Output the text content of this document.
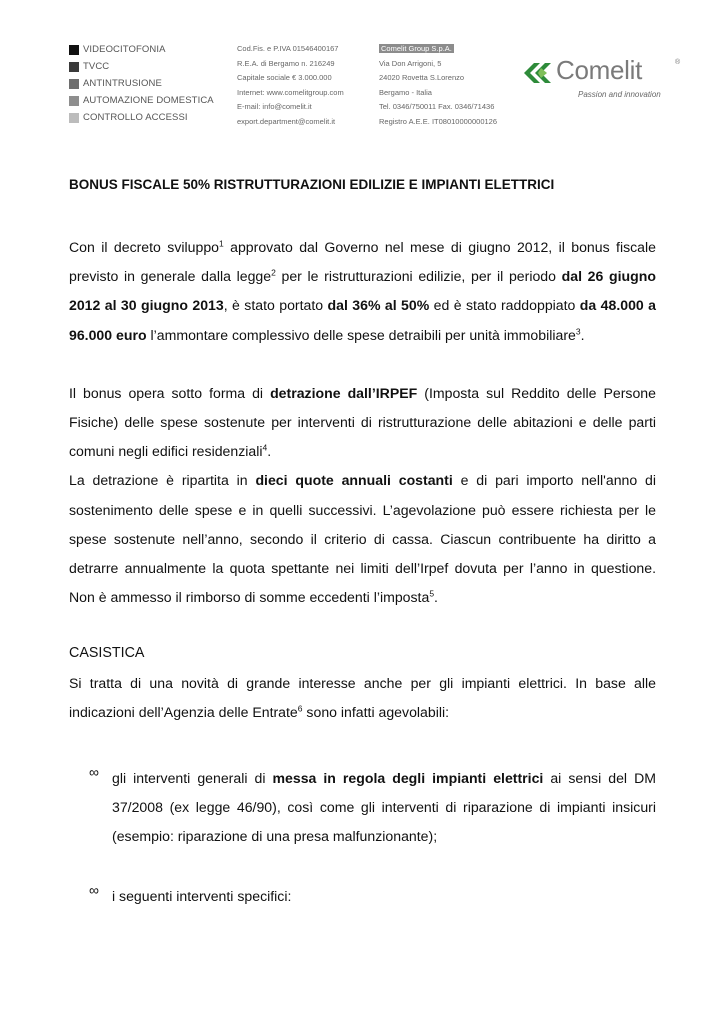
VIDEOCITOFONIA
TVCC
ANTINTRUSIONE
AUTOMAZIONE DOMESTICA
CONTROLLO ACCESSI
Cod.Fis. e P.IVA 01546400167
R.E.A. di Bergamo n. 216249
Capitale sociale € 3.000.000
Internet: www.comelitgroup.com
E-mail: info@comelit.it
export.department@comelit.it
Comelit Group S.p.A.
Via Don Arrigoni, 5
24020 Rovetta S.Lorenzo
Bergamo - Italia
Tel. 0346/750011 Fax. 0346/71436
Registro A.E.E. IT08010000000126
Comelit	®
Passion and innovation
BONUS FISCALE 50% RISTRUTTURAZIONI EDILIZIE E IMPIANTI ELETTRICI

Con il decreto sviluppo$^1$ approvato dal Governo nel mese di giugno 2012, il bonus fiscale previsto in generale dalla legge$^2$ per le ristrutturazioni edilizie, per il periodo dal 26 giugno 2012 al 30 giugno 2013, è stato portato dal 36% al 50% ed è stato raddoppiato da 48.000 a 96.000 euro l’ammontare complessivo delle spese detraibili per unità immobiliare$^3$.

Il bonus opera sotto forma di detrazione dall’IRPEF (Imposta sul Reddito delle Persone Fisiche) delle spese sostenute per interventi di ristrutturazione delle abitazioni e delle parti comuni negli edifici residenziali$^4$.

La detrazione è ripartita in dieci quote annuali costanti e di pari importo nell'anno di sostenimento delle spese e in quelli successivi. L’agevolazione può essere richiesta per le spese sostenute nell’anno, secondo il criterio di cassa. Ciascun contribuente ha diritto a detrarre annualmente la quota spettante nei limiti dell’Irpef dovuta per l’anno in questione. Non è ammesso il rimborso di somme eccedenti l’imposta$^5$.

CASISTICA

Si tratta di una novità di grande interesse anche per gli impianti elettrici. In base alle indicazioni dell’Agenzia delle Entrate$^6$ sono infatti agevolabili:

∞ gli interventi generali di messa in regola degli impianti elettrici ai sensi del DM 37/2008 (ex legge 46/90), così come gli interventi di riparazione di impianti insicuri (esempio: riparazione di una presa malfunzionante);

∞ i seguenti interventi specifici:
